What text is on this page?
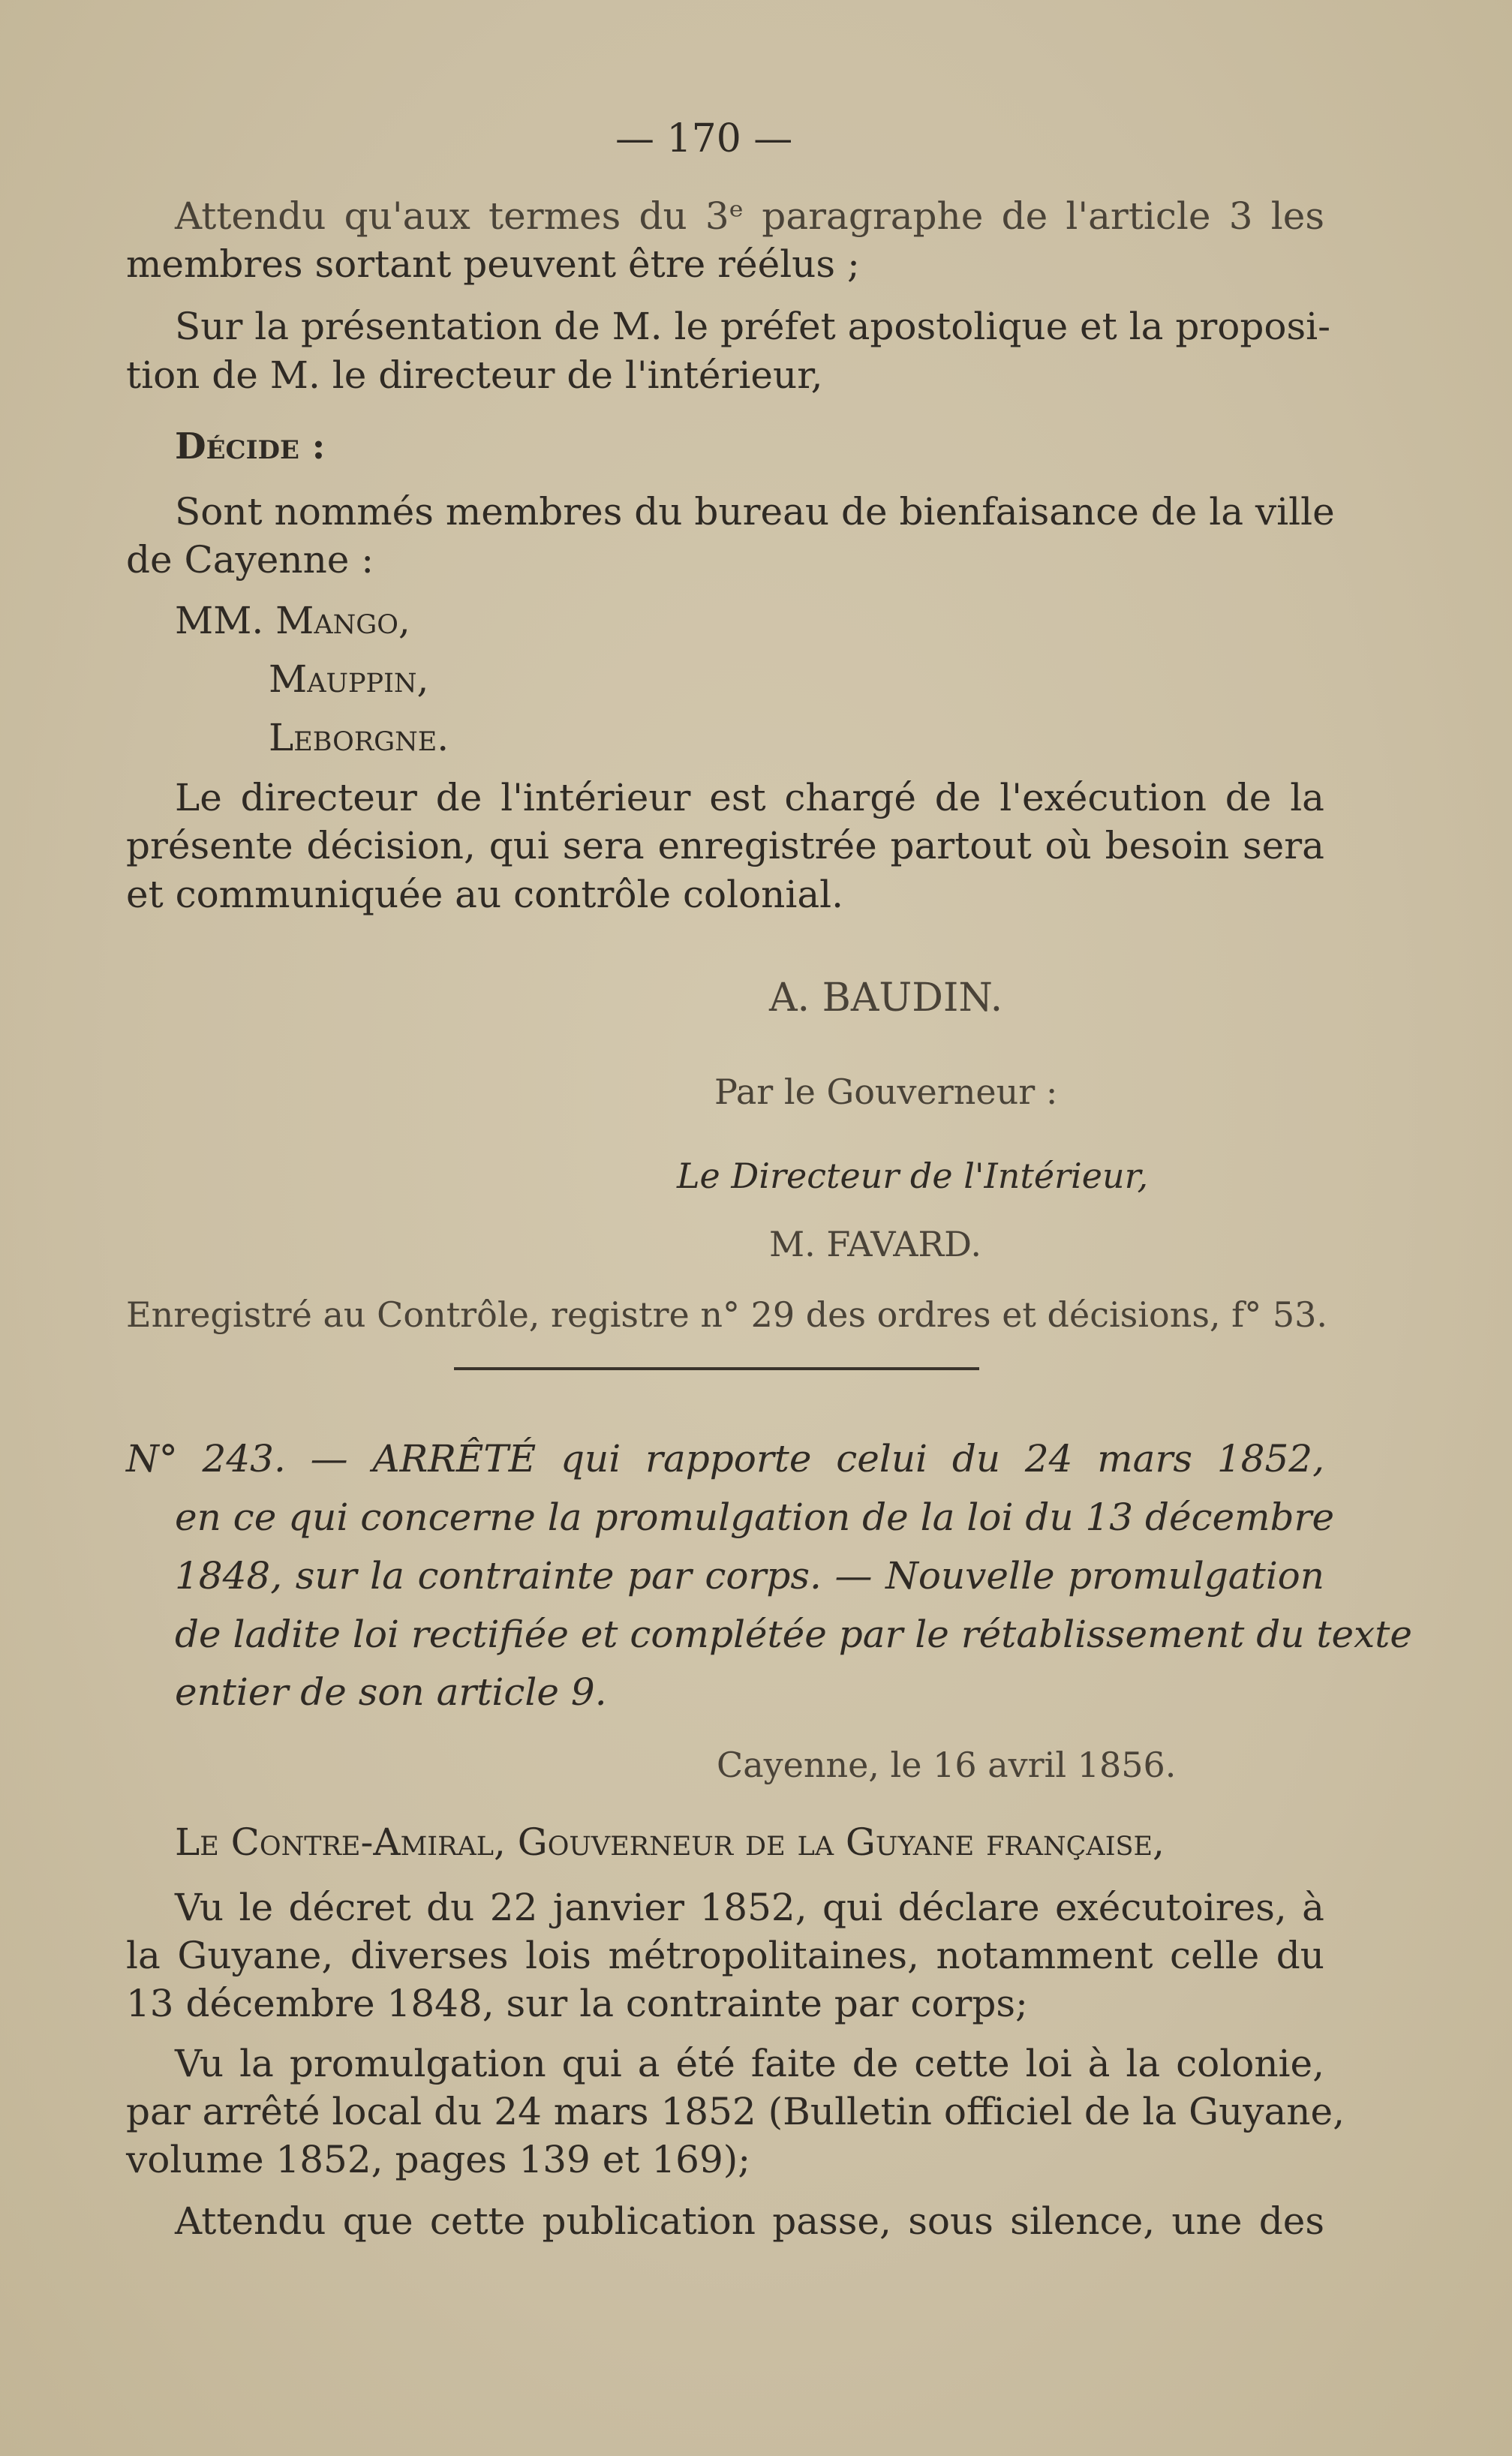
— 170 —
Attendu qu'aux termes du 3ᵉ paragraphe de l'article 3 les
membres sortant peuvent être réélus ;
Sur la présentation de M. le préfet apostolique et la proposi-
tion de M. le directeur de l'intérieur,
Décide :
Sont nommés membres du bureau de bienfaisance de la ville
de Cayenne :
MM. Mango,
Mauppin,
Leborgne.
Le directeur de l'intérieur est chargé de l'exécution de la
présente décision, qui sera enregistrée partout où besoin sera
et communiquée au contrôle colonial.
A. BAUDIN.
Par le Gouverneur :
Le Directeur de l'Intérieur,
M. FAVARD.
Enregistré au Contrôle, registre n° 29 des ordres et décisions, f° 53.
N° 243. — ARRÊTÉ qui rapporte celui du 24 mars 1852,
en ce qui concerne la promulgation de la loi du 13 décembre
1848, sur la contrainte par corps. — Nouvelle promulgation
de ladite loi rectifiée et complétée par le rétablissement du texte
entier de son article 9.
Cayenne, le 16 avril 1856.
Le Contre-Amiral, Gouverneur de la Guyane française,
Vu le décret du 22 janvier 1852, qui déclare exécutoires, à
la Guyane, diverses lois métropolitaines, notamment celle du
13 décembre 1848, sur la contrainte par corps;
Vu la promulgation qui a été faite de cette loi à la colonie,
par arrêté local du 24 mars 1852 (Bulletin officiel de la Guyane,
volume 1852, pages 139 et 169);
Attendu que cette publication passe, sous silence, une des
